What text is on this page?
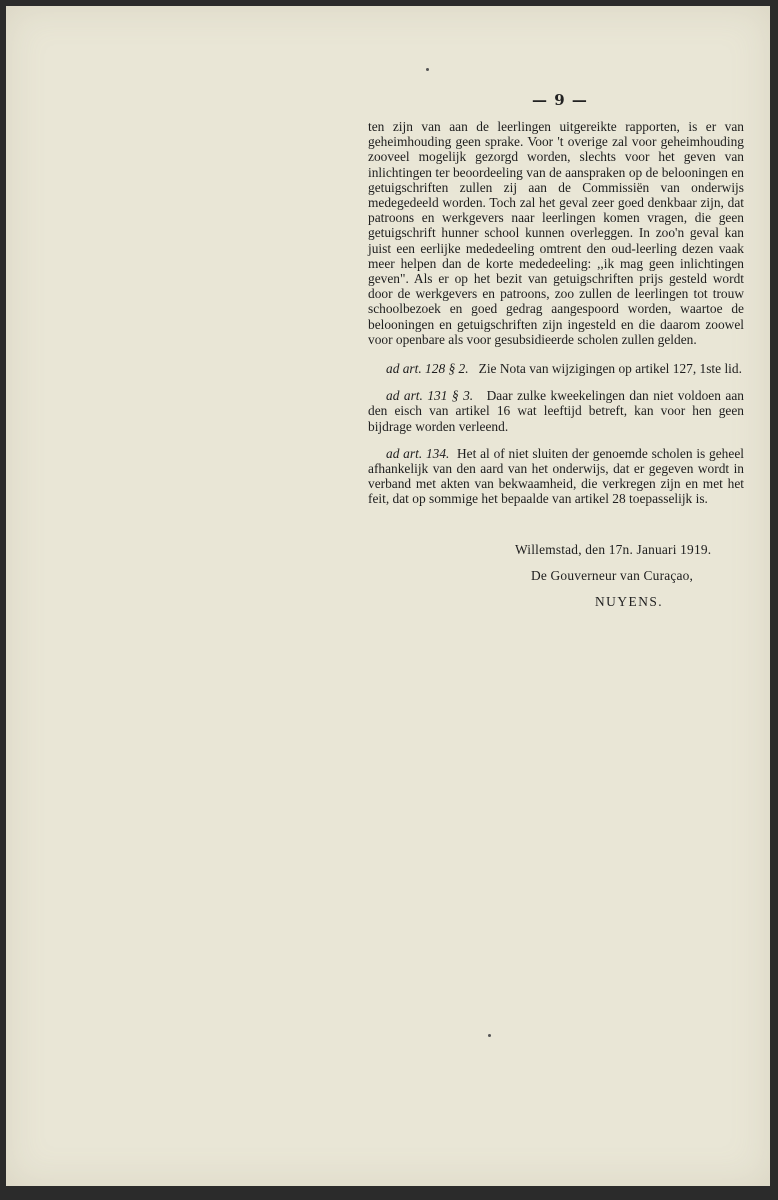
— 9 —

ten zijn van aan de leerlingen uitgereikte rapporten, is er van geheimhouding geen sprake. Voor 't overige zal voor geheimhouding zooveel mogelijk gezorgd worden, slechts voor het geven van inlichtingen ter beoordeeling van de aanspraken op de belooningen en getuigschriften zullen zij aan de Commissiën van onderwijs medegedeeld worden. Toch zal het geval zeer goed denkbaar zijn, dat patroons en werkgevers naar leerlingen komen vragen, die geen getuigschrift hunner school kunnen overleggen. In zoo'n geval kan juist een eerlijke mededeeling omtrent den oud-leerling dezen vaak meer helpen dan de korte mededeeling: ,,ik mag geen inlichtingen geven". Als er op het bezit van getuigschriften prijs gesteld wordt door de werkgevers en patroons, zoo zullen de leerlingen tot trouw schoolbezoek en goed gedrag aangespoord worden, waartoe de belooningen en getuigschriften zijn ingesteld en die daarom zoowel voor openbare als voor gesubsidieerde scholen zullen gelden.

ad art. 128 § 2. Zie Nota van wijzigingen op artikel 127, 1ste lid.

ad art. 131 § 3. Daar zulke kweekelingen dan niet voldoen aan den eisch van artikel 16 wat leeftijd betreft, kan voor hen geen bijdrage worden verleend.

ad art. 134. Het al of niet sluiten der genoemde scholen is geheel afhankelijk van den aard van het onderwijs, dat er gegeven wordt in verband met akten van bekwaamheid, die verkregen zijn en met het feit, dat op sommige het bepaalde van artikel 28 toepasselijk is.

Willemstad, den 17n. Januari 1919.
De Gouverneur van Curaçao,
NUYENS.
